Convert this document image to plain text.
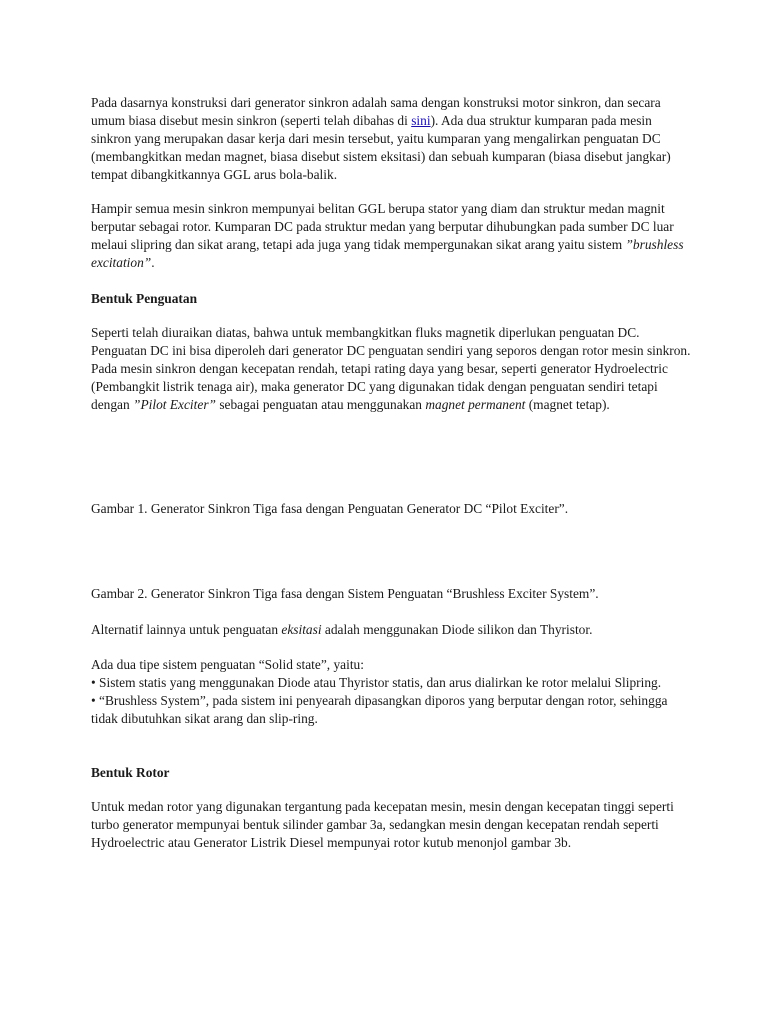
Pada dasarnya konstruksi dari generator sinkron adalah sama dengan konstruksi motor sinkron, dan secara umum biasa disebut mesin sinkron (seperti telah dibahas di sini). Ada dua struktur kumparan pada mesin sinkron yang merupakan dasar kerja dari mesin tersebut, yaitu kumparan yang mengalirkan penguatan DC (membangkitkan medan magnet, biasa disebut sistem eksitasi) dan sebuah kumparan (biasa disebut jangkar) tempat dibangkitkannya GGL arus bola-balik.

Hampir semua mesin sinkron mempunyai belitan GGL berupa stator yang diam dan struktur medan magnit berputar sebagai rotor. Kumparan DC pada struktur medan yang berputar dihubungkan pada sumber DC luar melaui slipring dan sikat arang, tetapi ada juga yang tidak mempergunakan sikat arang yaitu sistem ”brushless excitation”.

Bentuk Penguatan

Seperti telah diuraikan diatas, bahwa untuk membangkitkan fluks magnetik diperlukan penguatan DC. Penguatan DC ini bisa diperoleh dari generator DC penguatan sendiri yang seporos dengan rotor mesin sinkron. Pada mesin sinkron dengan kecepatan rendah, tetapi rating daya yang besar, seperti generator Hydroelectric (Pembangkit listrik tenaga air), maka generator DC yang digunakan tidak dengan penguatan sendiri tetapi dengan ”Pilot Exciter” sebagai penguatan atau menggunakan magnet permanent (magnet tetap).

Gambar 1. Generator Sinkron Tiga fasa dengan Penguatan Generator DC “Pilot Exciter”.

Gambar 2. Generator Sinkron Tiga fasa dengan Sistem Penguatan “Brushless Exciter System”.

Alternatif lainnya untuk penguatan eksitasi adalah menggunakan Diode silikon dan Thyristor.

Ada dua tipe sistem penguatan “Solid state”, yaitu:
• Sistem statis yang menggunakan Diode atau Thyristor statis, dan arus dialirkan ke rotor melalui Slipring.
• “Brushless System”, pada sistem ini penyearah dipasangkan diporos yang berputar dengan rotor, sehingga tidak dibutuhkan sikat arang dan slip-ring.

Bentuk Rotor

Untuk medan rotor yang digunakan tergantung pada kecepatan mesin, mesin dengan kecepatan tinggi seperti turbo generator mempunyai bentuk silinder gambar 3a, sedangkan mesin dengan kecepatan rendah seperti Hydroelectric atau Generator Listrik Diesel mempunyai rotor kutub menonjol gambar 3b.
